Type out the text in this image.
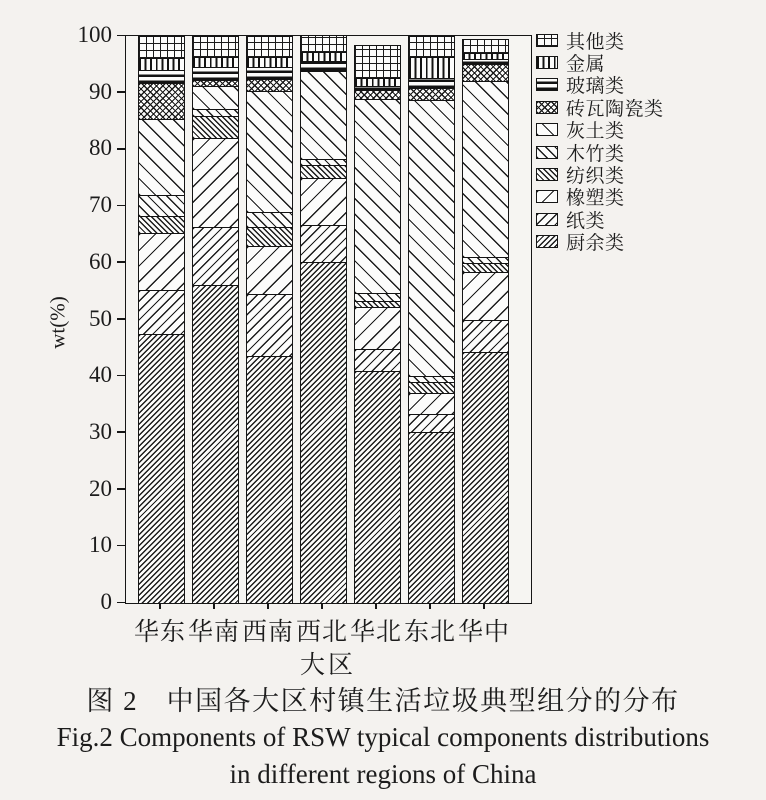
wt(%)
大区
其他类
金属
玻璃类
砖瓦陶瓷类
灰土类
木竹类
纺织类
橡塑类
纸类
厨余类
图 2　中国各大区村镇生活垃圾典型组分的分布
Fig.2 Components of RSW typical components distributions
in different regions of China
0
10
20
30
40
50
60
70
80
90
100
华东 华南 西南 西北 华北 东北 华中
